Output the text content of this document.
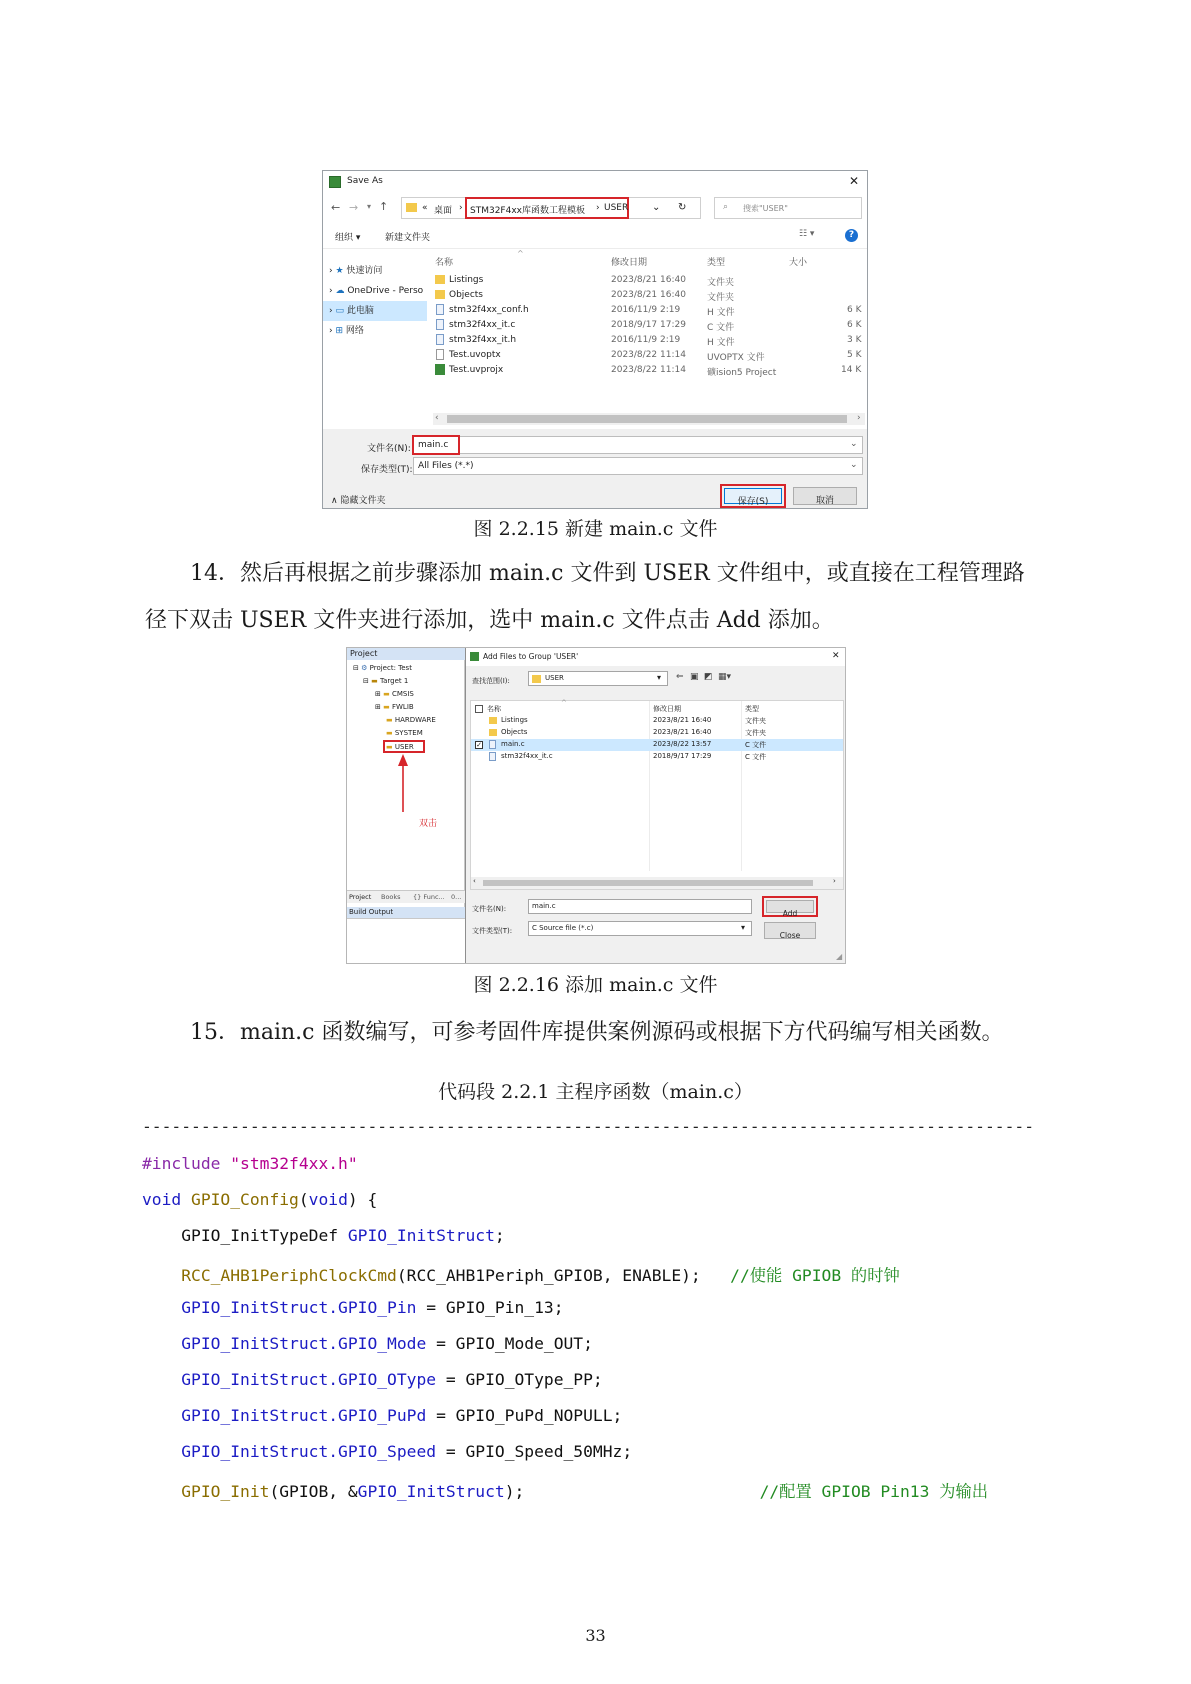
Save As	✕
← → ▾ ↑	« 桌面 › STM32F4xx库函数工程模板 › USER ⌄ ↻	⌕ 搜索"USER"
组织 ▾	新建文件夹	☷ ▾	?
› ★ 快速访问
› ☁ OneDrive - Perso
› ▭ 此电脑
› ⊞ 网络
名称
^
修改日期	类型	大小
Listings	2023/8/21 16:40 文件夹
Objects	2023/8/21 16:40 文件夹
stm32f4xx_conf.h	2016/11/9 2:19	H 文件	6 K
stm32f4xx_it.c	2018/9/17 17:29 C 文件	6 K
stm32f4xx_it.h	2016/11/9 2:19	H 文件	3 K
Test.uvoptx	2023/8/22 11:14 UVOPTX 文件	5 K
Test.uvprojx	2023/8/22 11:14 礦ision5 Project	14 K
‹	›
文件名(N): main.c	⌄
保存类型(T): All Files (*.*)	⌄
∧ 隐藏文件夹	保存(S)	取消
图 2.2.15 新建 main.c 文件
14．然后再根据之前步骤添加 main.c 文件到 USER 文件组中，或直接在工程管理路
径下双击 USER 文件夹进行添加，选中 main.c 文件点击 Add 添加。
Project
⊟ ⚙ Project: Test
⊟ ▬ Target 1
⊞ ▬ CMSIS
⊞ ▬ FWLIB
▬ HARDWARE
▬ SYSTEM
▬ USER
双击
Project Books {} Func... 0...
Build Output
Add Files to Group 'USER'	✕
查找范围(I):	USER	▾ ⇐ ▣ ◩ ▦▾
名称
^
修改日期	类型
Listings	2023/8/21 16:40	文件夹
Objects	2023/8/21 16:40	文件夹
✓	main.c	2023/8/22 13:57	C 文件
stm32f4xx_it.c	2018/9/17 17:29	C 文件
‹	›
文件名(N):	main.c
文件类型(T):	C Source file (*.c)	▾
Add
Close
◢
图 2.2.16 添加 main.c 文件
15．main.c 函数编写，可参考固件库提供案例源码或根据下方代码编写相关函数。
代码段 2.2.1 主程序函数（main.c）
-------------------------------------------------------------------------------------------
#include "stm32f4xx.h"
void GPIO_Config(void) {
GPIO_InitTypeDef GPIO_InitStruct;
RCC_AHB1PeriphClockCmd(RCC_AHB1Periph_GPIOB, ENABLE);   //使能 GPIOB 的时钟
GPIO_InitStruct.GPIO_Pin = GPIO_Pin_13;
GPIO_InitStruct.GPIO_Mode = GPIO_Mode_OUT;
GPIO_InitStruct.GPIO_OType = GPIO_OType_PP;
GPIO_InitStruct.GPIO_PuPd = GPIO_PuPd_NOPULL;
GPIO_InitStruct.GPIO_Speed = GPIO_Speed_50MHz;
GPIO_Init(GPIOB, &GPIO_InitStruct);                        //配置 GPIOB Pin13 为输出
33
